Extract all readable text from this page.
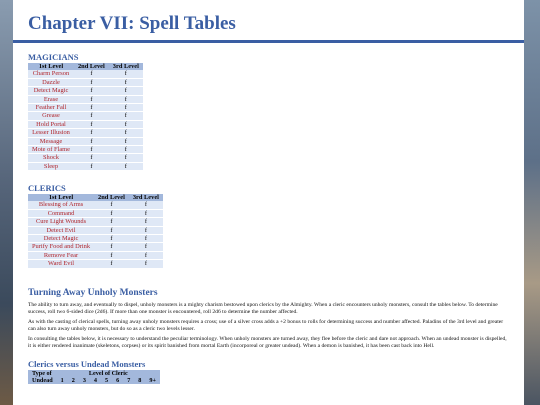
Chapter VII: Spell Tables
MAGICIANS
1st Level	2nd Level	3rd Level
Charm Person	f	f
Dazzle	f	f
Detect Magic	f	f
Erase	f	f
Feather Fall	f	f
Grease	f	f
Hold Portal	f	f
Lesser Illusion	f	f
Message	f	f
Mote of Flame	f	f
Shock	f	f
Sleep	f	f
CLERICS
1st Level	2nd Level	3rd Level
Blessing of Arms	f	f
Command	f	f
Cure Light Wounds	f	f
Detect Evil	f	f
Detect Magic	f	f
Purify Food and Drink	f	f
Remove Fear	f	f
Ward Evil	f	f
Turning Away Unholy Monsters

The ability to turn away, and eventually to dispel, unholy monsters is a mighty charism bestowed upon clerics by the Almighty. When a cleric encounters unholy monsters, consult the tables below. To determine success, roll two 6-sided dice (2d6). If more than one monster is encountered, roll 2d6 to determine the number affected.

As with the casting of clerical spells, turning away unholy monsters requires a cross; use of a silver cross adds a +2 bonus to rolls for determining success and number affected. Paladins of the 3rd level and greater can also turn away unholy monsters, but do so as a cleric two levels lesser.

In consulting the tables below, it is necessary to understand the peculiar terminology. When unholy monsters are turned away, they flee before the cleric and dare not approach. When an undead monster is dispelled, it is either rendered inanimate (skeletons, corpses) or its spirit banished from mortal Earth (incorporeal or greater undead). When a demon is banished, it has been cast back into Hell.

Clerics versus Undead Monsters
Type of	Level of Cleric								
Undead	1	2	3	4	5	6	7	8	9+
